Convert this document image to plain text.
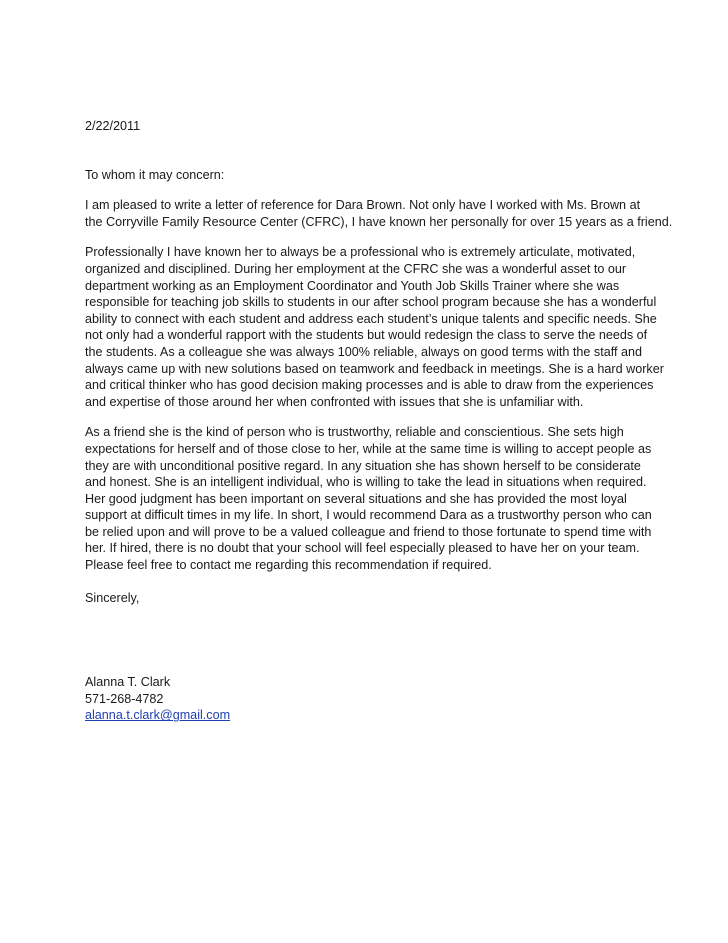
2/22/2011
To whom it may concern:
I am pleased to write a letter of reference for Dara Brown. Not only have I worked with Ms. Brown at
the Corryville Family Resource Center (CFRC), I have known her personally for over 15 years as a friend.
Professionally I have known her to always be a professional who is extremely articulate, motivated,
organized and disciplined. During her employment at the CFRC she was a wonderful asset to our
department working as an Employment Coordinator and Youth Job Skills Trainer where she was
responsible for teaching job skills to students in our after school program because she has a wonderful
ability to connect with each student and address each student’s unique talents and specific needs. She
not only had a wonderful rapport with the students but would redesign the class to serve the needs of
the students. As a colleague she was always 100% reliable, always on good terms with the staff and
always came up with new solutions based on teamwork and feedback in meetings. She is a hard worker
and critical thinker who has good decision making processes and is able to draw from the experiences
and expertise of those around her when confronted with issues that she is unfamiliar with.
As a friend she is the kind of person who is trustworthy, reliable and conscientious. She sets high
expectations for herself and of those close to her, while at the same time is willing to accept people as
they are with unconditional positive regard. In any situation she has shown herself to be considerate
and honest. She is an intelligent individual, who is willing to take the lead in situations when required.
Her good judgment has been important on several situations and she has provided the most loyal
support at difficult times in my life. In short, I would recommend Dara as a trustworthy person who can
be relied upon and will prove to be a valued colleague and friend to those fortunate to spend time with
her. If hired, there is no doubt that your school will feel especially pleased to have her on your team.
Please feel free to contact me regarding this recommendation if required.
Sincerely,
Alanna T. Clark
571-268-4782
alanna.t.clark@gmail.com
